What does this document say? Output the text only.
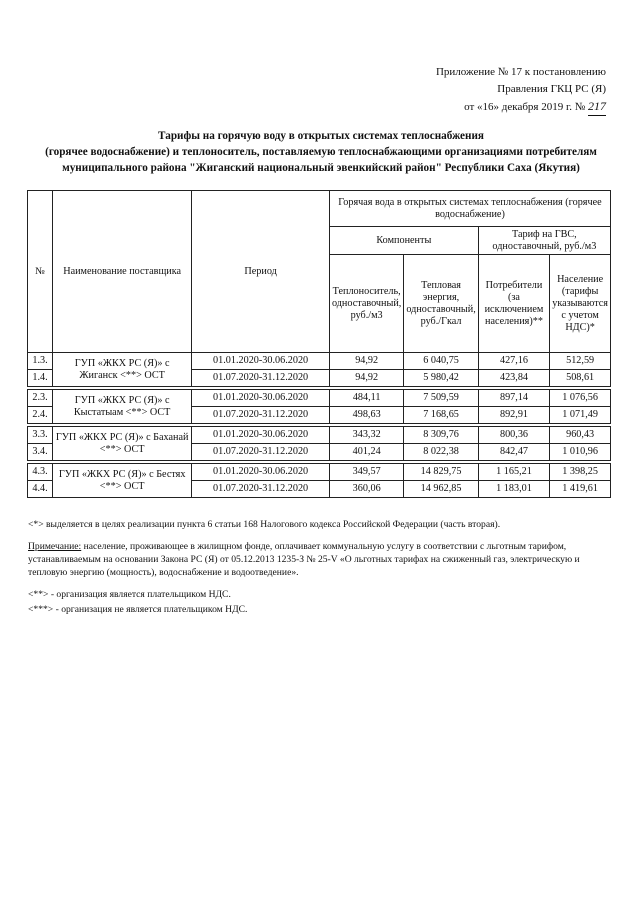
Приложение № 17 к постановлению
Правления ГКЦ РС (Я)
от «16» декабря 2019 г. № 217
Тарифы на горячую воду в открытых системах теплоснабжения
(горячее водоснабжение) и теплоноситель, поставляемую теплоснабжающими организациями потребителям
муниципального района "Жиганский национальный эвенкийский район" Республики Саха (Якутия)
№	Наименование поставщика	Период	Горячая вода в открытых системах теплоснабжения (горячее водоснабжение)			
			Компоненты		Тариф на ГВС, одноставочный, руб./м3	
			Теплоноситель, одноставочный, руб./м3	Тепловая энергия, одноставочный, руб./Гкал	Потребители (за исключением населения)**	Население (тарифы указываются с учетом НДС)*
1.3.	ГУП «ЖКХ РС (Я)» с Жиганск <**> ОСТ	01.01.2020-30.06.2020	94,92	6 040,75	427,16	512,59
1.4.		01.07.2020-31.12.2020	94,92	5 980,42	423,84	508,61

2.3.	ГУП «ЖКХ РС (Я)» с Кыстатыам <**> ОСТ	01.01.2020-30.06.2020	484,11	7 509,59	897,14	1 076,56
2.4.		01.07.2020-31.12.2020	498,63	7 168,65	892,91	1 071,49

3.3.	ГУП «ЖКХ РС (Я)» с Баханай <**> ОСТ	01.01.2020-30.06.2020	343,32	8 309,76	800,36	960,43
3.4.		01.07.2020-31.12.2020	401,24	8 022,38	842,47	1 010,96

4.3.	ГУП «ЖКХ РС (Я)» с Бестях <**> ОСТ	01.01.2020-30.06.2020	349,57	14 829,75	1 165,21	1 398,25
4.4.		01.07.2020-31.12.2020	360,06	14 962,85	1 183,01	1 419,61

<*> выделяется в целях реализации пункта 6 статьи 168 Налогового кодекса Российской Федерации (часть вторая).

Примечание: население, проживающее в жилищном фонде, оплачивает коммунальную услугу в соответствии с льготным тарифом, устанавливаемым на основании Закона РС (Я) от 05.12.2013 1235-З № 25-V «О льготных тарифах на сжиженный газ, электрическую и тепловую энергию (мощность), водоснабжение и водоотведение».

<**> - организация является плательщиком НДС.

<***> - организация не является плательщиком НДС.
